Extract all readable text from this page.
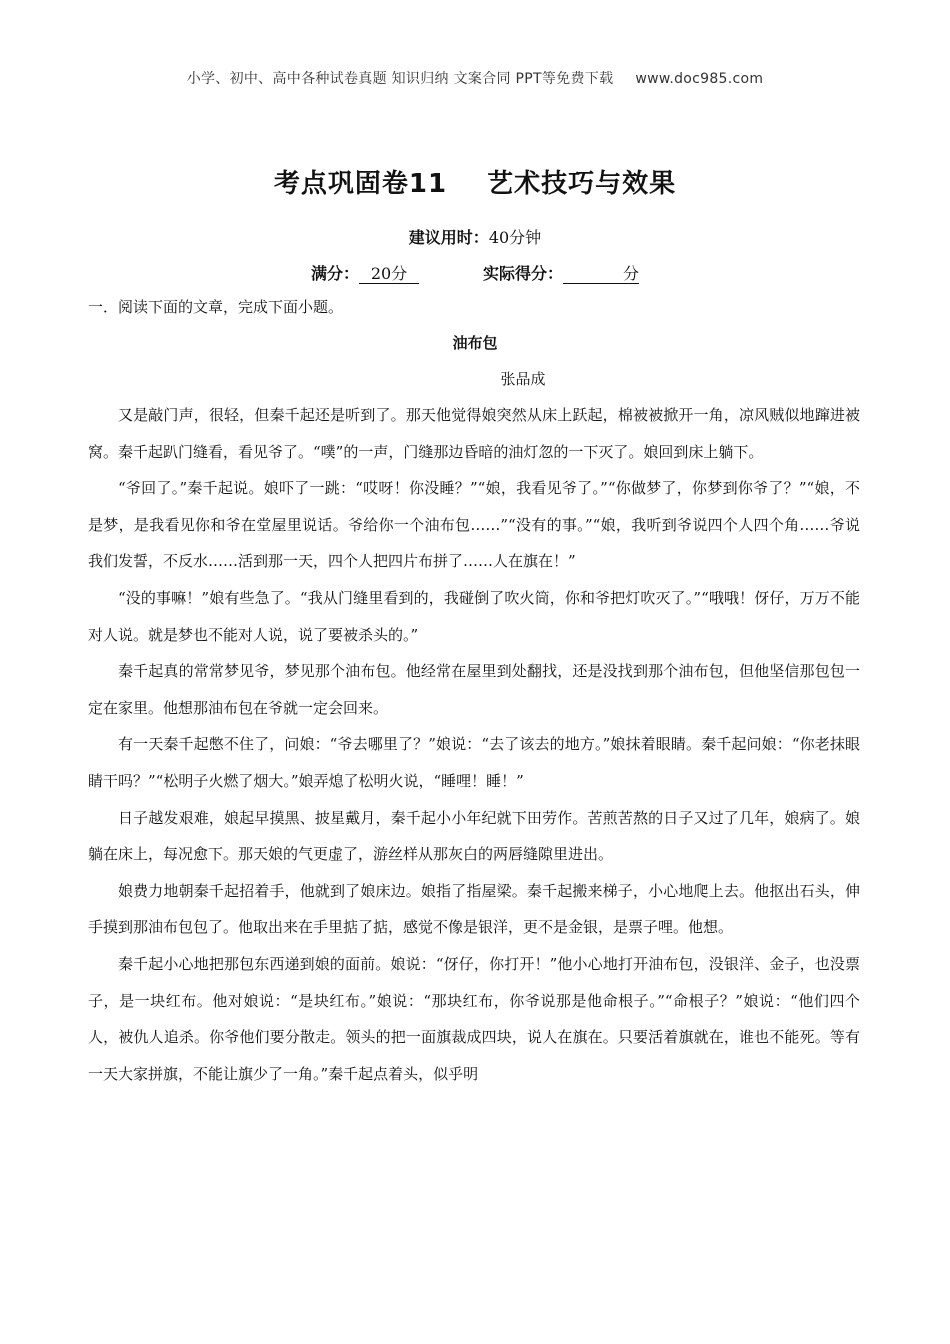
小学、初中、高中各种试卷真题 知识归纳 文案合同 PPT等免费下载 www.doc985.com
考点巩固卷11 艺术技巧与效果
建议用时：40分钟
满分： 20分	实际得分：	分
一．阅读下面的文章，完成下面小题。
油布包
张品成

又是敲门声，很轻，但秦千起还是听到了。那天他觉得娘突然从床上跃起，棉被被掀开一角，凉风贼似地蹿进被窝。秦千起趴门缝看，看见爷了。“噗”的一声，门缝那边昏暗的油灯忽的一下灭了。娘回到床上躺下。

“爷回了。”秦千起说。娘吓了一跳：“哎呀！你没睡？”“娘，我看见爷了。”“你做梦了，你梦到你爷了？”“娘，不是梦，是我看见你和爷在堂屋里说话。爷给你一个油布包……”“没有的事。”“娘，我听到爷说四个人四个角……爷说我们发誓，不反水……活到那一天，四个人把四片布拼了……人在旗在！”

“没的事嘛！”娘有些急了。“我从门缝里看到的，我碰倒了吹火筒，你和爷把灯吹灭了。”“哦哦！伢仔，万万不能对人说。就是梦也不能对人说，说了要被杀头的。”

秦千起真的常常梦见爷，梦见那个油布包。他经常在屋里到处翻找，还是没找到那个油布包，但他坚信那包包一定在家里。他想那油布包在爷就一定会回来。

有一天秦千起憋不住了，问娘：“爷去哪里了？”娘说：“去了该去的地方。”娘抹着眼睛。秦千起问娘：“你老抹眼睛干吗？”“松明子火燃了烟大。”娘弄熄了松明火说，“睡哩！睡！”

日子越发艰难，娘起早摸黑、披星戴月，秦千起小小年纪就下田劳作。苦煎苦熬的日子又过了几年，娘病了。娘躺在床上，每况愈下。那天娘的气更虚了，游丝样从那灰白的两唇缝隙里进出。

娘费力地朝秦千起招着手，他就到了娘床边。娘指了指屋梁。秦千起搬来梯子，小心地爬上去。他抠出石头，伸手摸到那油布包包了。他取出来在手里掂了掂，感觉不像是银洋，更不是金银，是票子哩。他想。

秦千起小心地把那包东西递到娘的面前。娘说：“伢仔，你打开！”他小心地打开油布包，没银洋、金子，也没票子，是一块红布。他对娘说：“是块红布。”娘说：“那块红布，你爷说那是他命根子。”“命根子？”娘说：“他们四个人，被仇人追杀。你爷他们要分散走。领头的把一面旗裁成四块，说人在旗在。只要活着旗就在，谁也不能死。等有一天大家拼旗，不能让旗少了一角。”秦千起点着头，似乎明
